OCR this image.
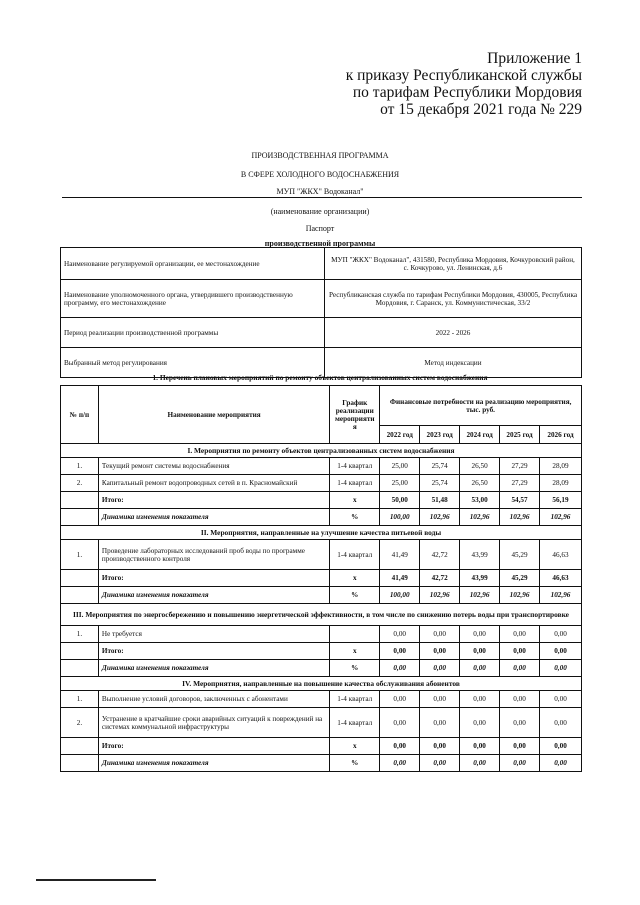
Приложение 1
к приказу Республиканской службы
по тарифам Республики Мордовия
от 15 декабря 2021 года № 229
ПРОИЗВОДСТВЕННАЯ ПРОГРАММА
В СФЕРЕ ХОЛОДНОГО ВОДОСНАБЖЕНИЯ
МУП "ЖКХ" Водоканал"
(наименование организации)
Паспорт
производственной программы
Наименование регулируемой организации, ее местонахождение	МУП "ЖКХ" Водоканал", 431580, Республика Мордовия, Кочкуровский район, с. Кочкурово, ул. Ленинская, д.6
Наименование уполномоченного органа, утвердившего производственную программу, его местонахождение	Республиканская служба по тарифам Республики Мордовия, 430005, Республика Мордовия, г. Саранск, ул. Коммунистическая, 33/2
Период реализации производственной программы	2022 - 2026
Выбранный метод регулирования	Метод индексации
1. Перечень плановых мероприятий по ремонту объектов централизованных систем водоснабжения
№ п/п	Наименование мероприятия	График реализации мероприяти я	Финансовые потребности на реализацию мероприятия, тыс. руб.				
			2022 год	2023 год	2024 год	2025 год	2026 год
I. Мероприятия по ремонту объектов централизованных систем водоснабжения							
1.	Текущий ремонт системы водоснабжения	1-4 квартал	25,00	25,74	26,50	27,29	28,09
2.	Капитальный ремонт водопроводных сетей в п. Красномайский	1-4 квартал	25,00	25,74	26,50	27,29	28,09
	Итого:	х	50,00	51,48	53,00	54,57	56,19
	Динамика изменения показателя	%	100,00	102,96	102,96	102,96	102,96
II. Мероприятия, направленные на улучшение качества питьевой воды							
1.	Проведение лабораторных исследований проб воды по программе производственного контроля	1-4 квартал	41,49	42,72	43,99	45,29	46,63
	Итого:	х	41,49	42,72	43,99	45,29	46,63
	Динамика изменения показателя	%	100,00	102,96	102,96	102,96	102,96
III. Мероприятия по энергосбережению и повышению энергетической эффективности, в том числе по снижению потерь воды при транспортировке							
1.	Не требуется		0,00	0,00	0,00	0,00	0,00
	Итого:	х	0,00	0,00	0,00	0,00	0,00
	Динамика изменения показателя	%	0,00	0,00	0,00	0,00	0,00
IV. Мероприятия, направленные на повышение качества обслуживания абонентов							
1.	Выполнение условий договоров, заключенных с абонентами	1-4 квартал	0,00	0,00	0,00	0,00	0,00
2.	Устранение в кратчайшие сроки аварийных ситуаций к повреждений на системах коммунальной инфраструктуры	1-4 квартал	0,00	0,00	0,00	0,00	0,00
	Итого:	х	0,00	0,00	0,00	0,00	0,00
	Динамика изменения показателя	%	0,00	0,00	0,00	0,00	0,00
